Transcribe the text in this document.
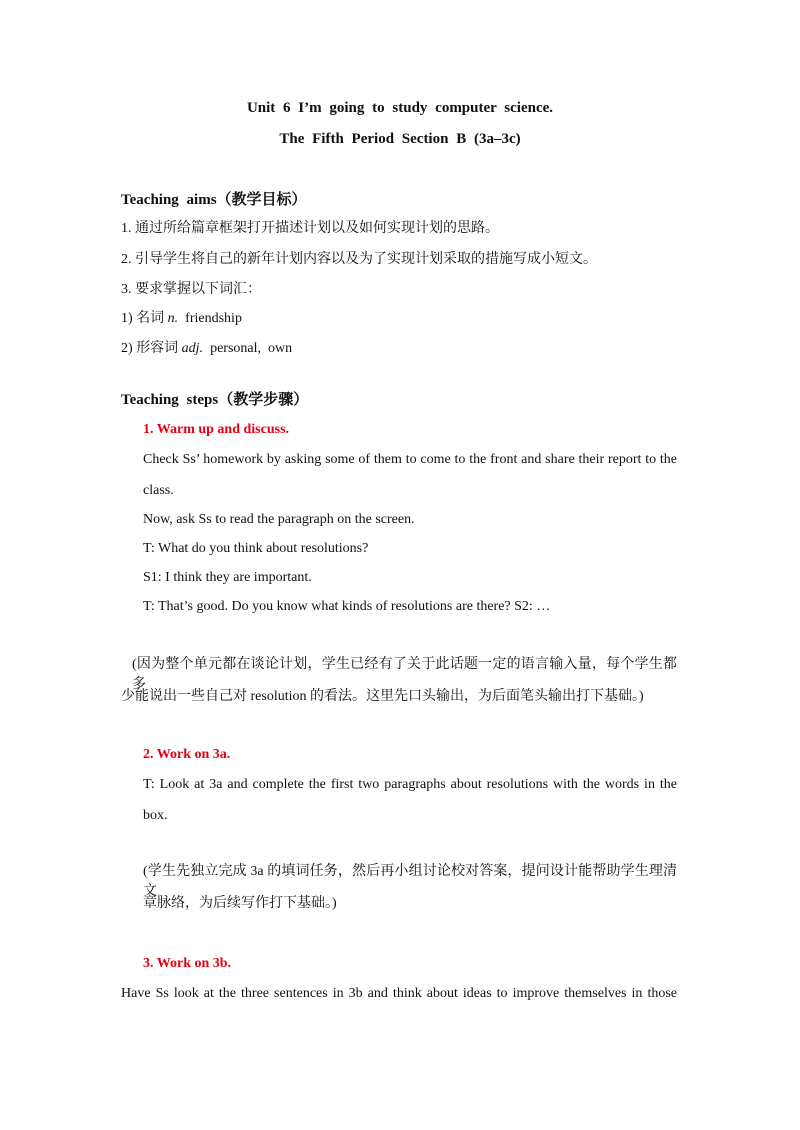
Unit 6 I’m going to study computer science.
The Fifth Period Section B (3a–3c)
Teaching aims（教学目标）
1. 通过所给篇章框架打开描述计划以及如何实现计划的思路。
2. 引导学生将自己的新年计划内容以及为了实现计划采取的措施写成小短文。
3. 要求掌握以下词汇：
1) 名词 n.  friendship
2) 形容词 adj.  personal,  own
Teaching steps（教学步骤）
1. Warm up and discuss.
Check Ss’ homework by asking some of them to come to the front and share their report to the
class.
Now, ask Ss to read the paragraph on the screen.
T: What do you think about resolutions?
S1: I think they are important.
T: That’s good. Do you know what kinds of resolutions are there? S2: …
(因为整个单元都在谈论计划，学生已经有了关于此话题一定的语言输入量，每个学生都多
少能说出一些自己对 resolution 的看法。这里先口头输出，为后面笔头输出打下基础。)
2. Work on 3a.
T: Look at 3a and complete the first two paragraphs about resolutions with the words in the
box.
(学生先独立完成 3a 的填词任务，然后再小组讨论校对答案，提问设计能帮助学生理清文
章脉络，为后续写作打下基础。)
3. Work on 3b.
Have Ss look at the three sentences in 3b and think about ideas to improve themselves in those
